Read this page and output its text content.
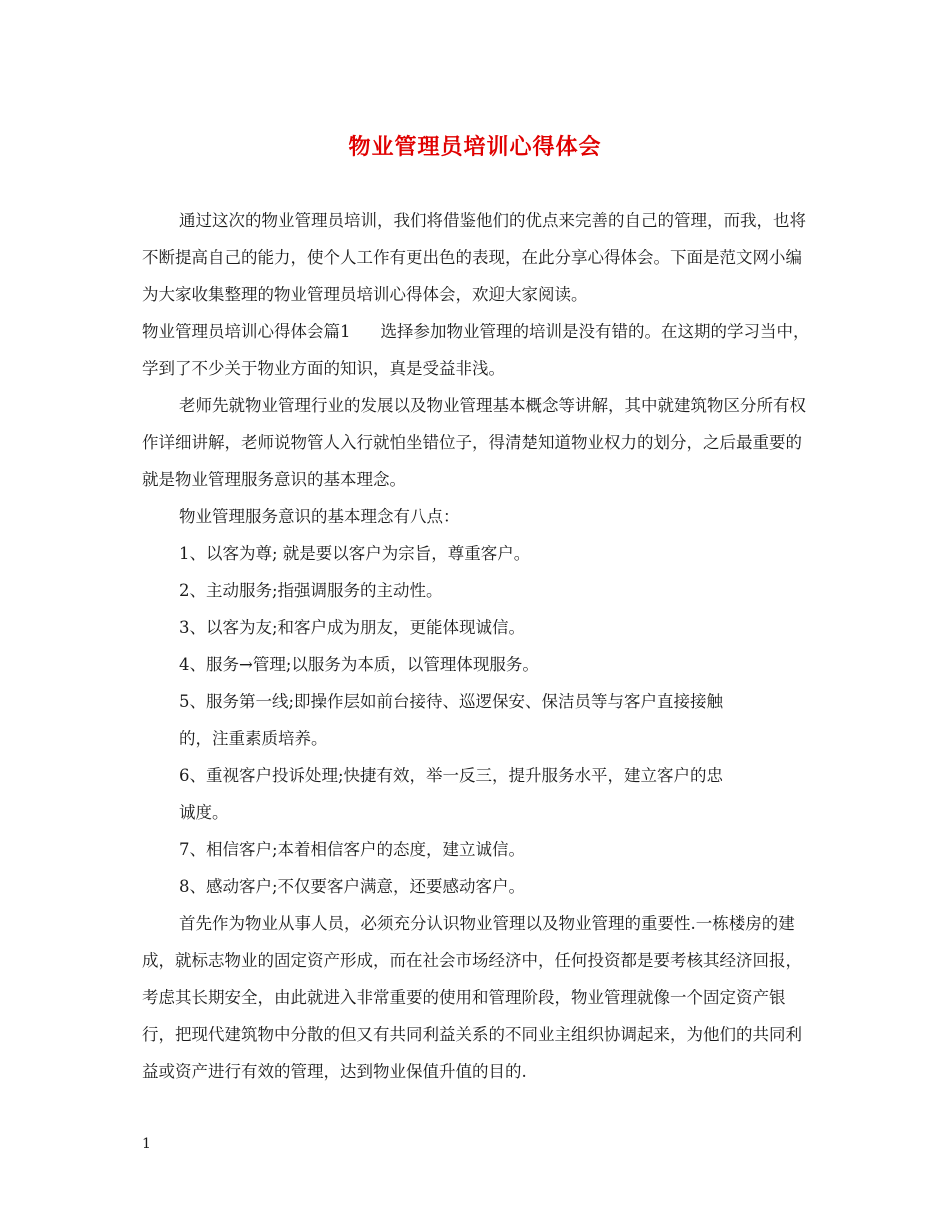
物业管理员培训心得体会

通过这次的物业管理员培训，我们将借鉴他们的优点来完善的自己的管理，而我，也将不断提高自己的能力，使个人工作有更出色的表现，在此分享心得体会。下面是范文网小编为大家收集整理的物业管理员培训心得体会，欢迎大家阅读。

物业管理员培训心得体会篇1 选择参加物业管理的培训是没有错的。在这期的学习当中，学到了不少关于物业方面的知识，真是受益非浅。

老师先就物业管理行业的发展以及物业管理基本概念等讲解，其中就建筑物区分所有权作详细讲解，老师说物管人入行就怕坐错位子，得清楚知道物业权力的划分，之后最重要的就是物业管理服务意识的基本理念。

物业管理服务意识的基本理念有八点：

1、以客为尊; 就是要以客户为宗旨，尊重客户。

2、主动服务;指强调服务的主动性。

3、以客为友;和客户成为朋友，更能体现诚信。

4、服务→管理;以服务为本质，以管理体现服务。

5、服务第一线;即操作层如前台接待、巡逻保安、保洁员等与客户直接接触的，注重素质培养。

6、重视客户投诉处理;快捷有效，举一反三，提升服务水平，建立客户的忠诚度。

7、相信客户;本着相信客户的态度，建立诚信。

8、感动客户;不仅要客户满意，还要感动客户。

首先作为物业从事人员，必须充分认识物业管理以及物业管理的重要性.一栋楼房的建成，就标志物业的固定资产形成，而在社会市场经济中，任何投资都是要考核其经济回报，考虑其长期安全，由此就进入非常重要的使用和管理阶段，物业管理就像一个固定资产银行，把现代建筑物中分散的但又有共同利益关系的不同业主组织协调起来，为他们的共同利益或资产进行有效的管理，达到物业保值升值的目的.

1
